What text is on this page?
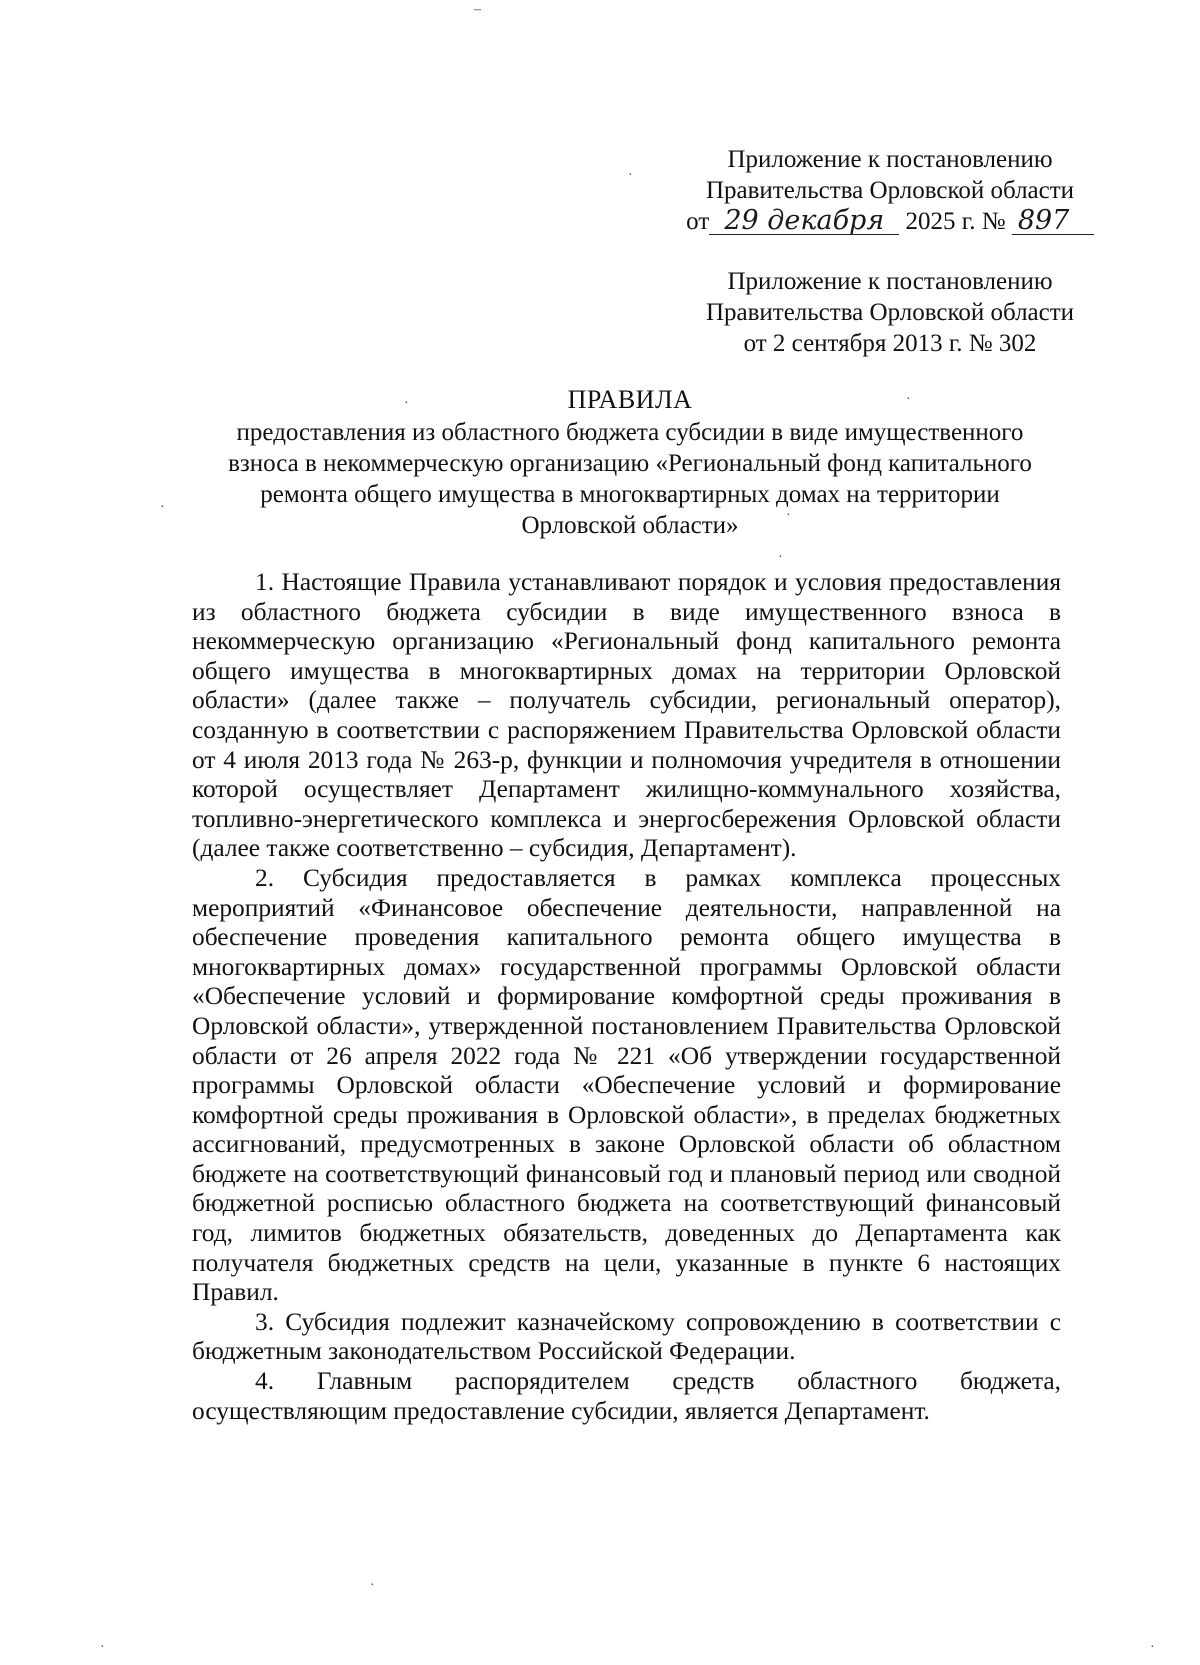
–
·
·	·
·
·
·
·
·	·
Приложение к постановлению
Правительства Орловской области
от 29 декабря 2025 г. № 897
Приложение к постановлению
Правительства Орловской области
от 2 сентября 2013 г. № 302
ПРАВИЛА
предоставления из областного бюджета субсидии в виде имущественного
взноса в некоммерческую организацию «Региональный фонд капитального
ремонта общего имущества в многоквартирных домах на территории
Орловской области»

1. Настоящие Правила устанавливают порядок и условия предоставления из областного бюджета субсидии в виде имущественного взноса в некоммерческую организацию «Региональный фонд капитального ремонта общего имущества в многоквартирных домах на территории Орловской области» (далее также – получатель субсидии, региональный оператор), созданную в соответствии с распоряжением Правительства Орловской области от 4 июля 2013 года № 263-р, функции и полномочия учредителя в отношении которой осуществляет Департамент жилищно-коммунального хозяйства, топливно-энергетического комплекса и энергосбережения Орловской области (далее также соответственно – субсидия, Департамент).

2. Субсидия предоставляется в рамках комплекса процессных мероприятий «Финансовое обеспечение деятельности, направленной на обеспечение проведения капитального ремонта общего имущества в многоквартирных домах» государственной программы Орловской области «Обеспечение условий и формирование комфортной среды проживания в Орловской области», утвержденной постановлением Правительства Орловской области от 26 апреля 2022 года № 221 «Об утверждении государственной программы Орловской области «Обеспечение условий и формирование комфортной среды проживания в Орловской области», в пределах бюджетных ассигнований, предусмотренных в законе Орловской области об областном бюджете на соответствующий финансовый год и плановый период или сводной бюджетной росписью областного бюджета на соответствующий финансовый год, лимитов бюджетных обязательств, доведенных до Департамента как получателя бюджетных средств на цели, указанные в пункте 6 настоящих Правил.

3. Субсидия подлежит казначейскому сопровождению в соответствии с бюджетным законодательством Российской Федерации.

4. Главным распорядителем средств областного бюджета, осуществляющим предоставление субсидии, является Департамент.
